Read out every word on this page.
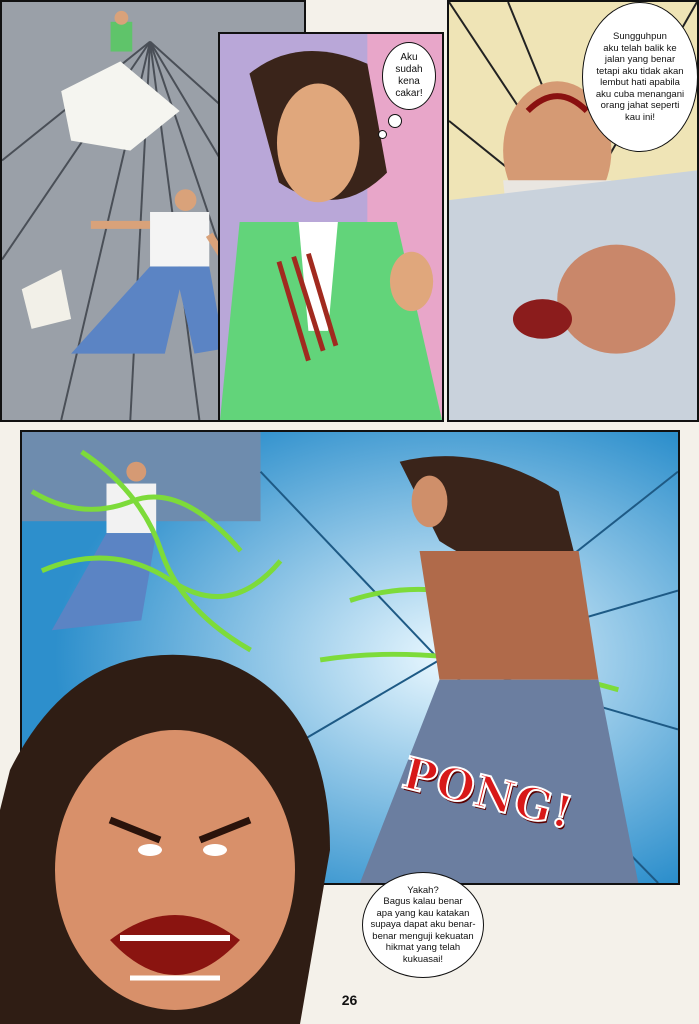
PONG!
Aku
sudah
kena
cakar!
Sungguhpun
aku telah balik ke
jalan yang benar
tetapi aku tidak akan
lembut hati apabila
aku cuba menangani
orang jahat seperti
kau ini!
Yakah?
Bagus kalau benar
apa yang kau katakan
supaya dapat aku benar-
benar menguji kekuatan
hikmat yang telah
kukuasai!
26
